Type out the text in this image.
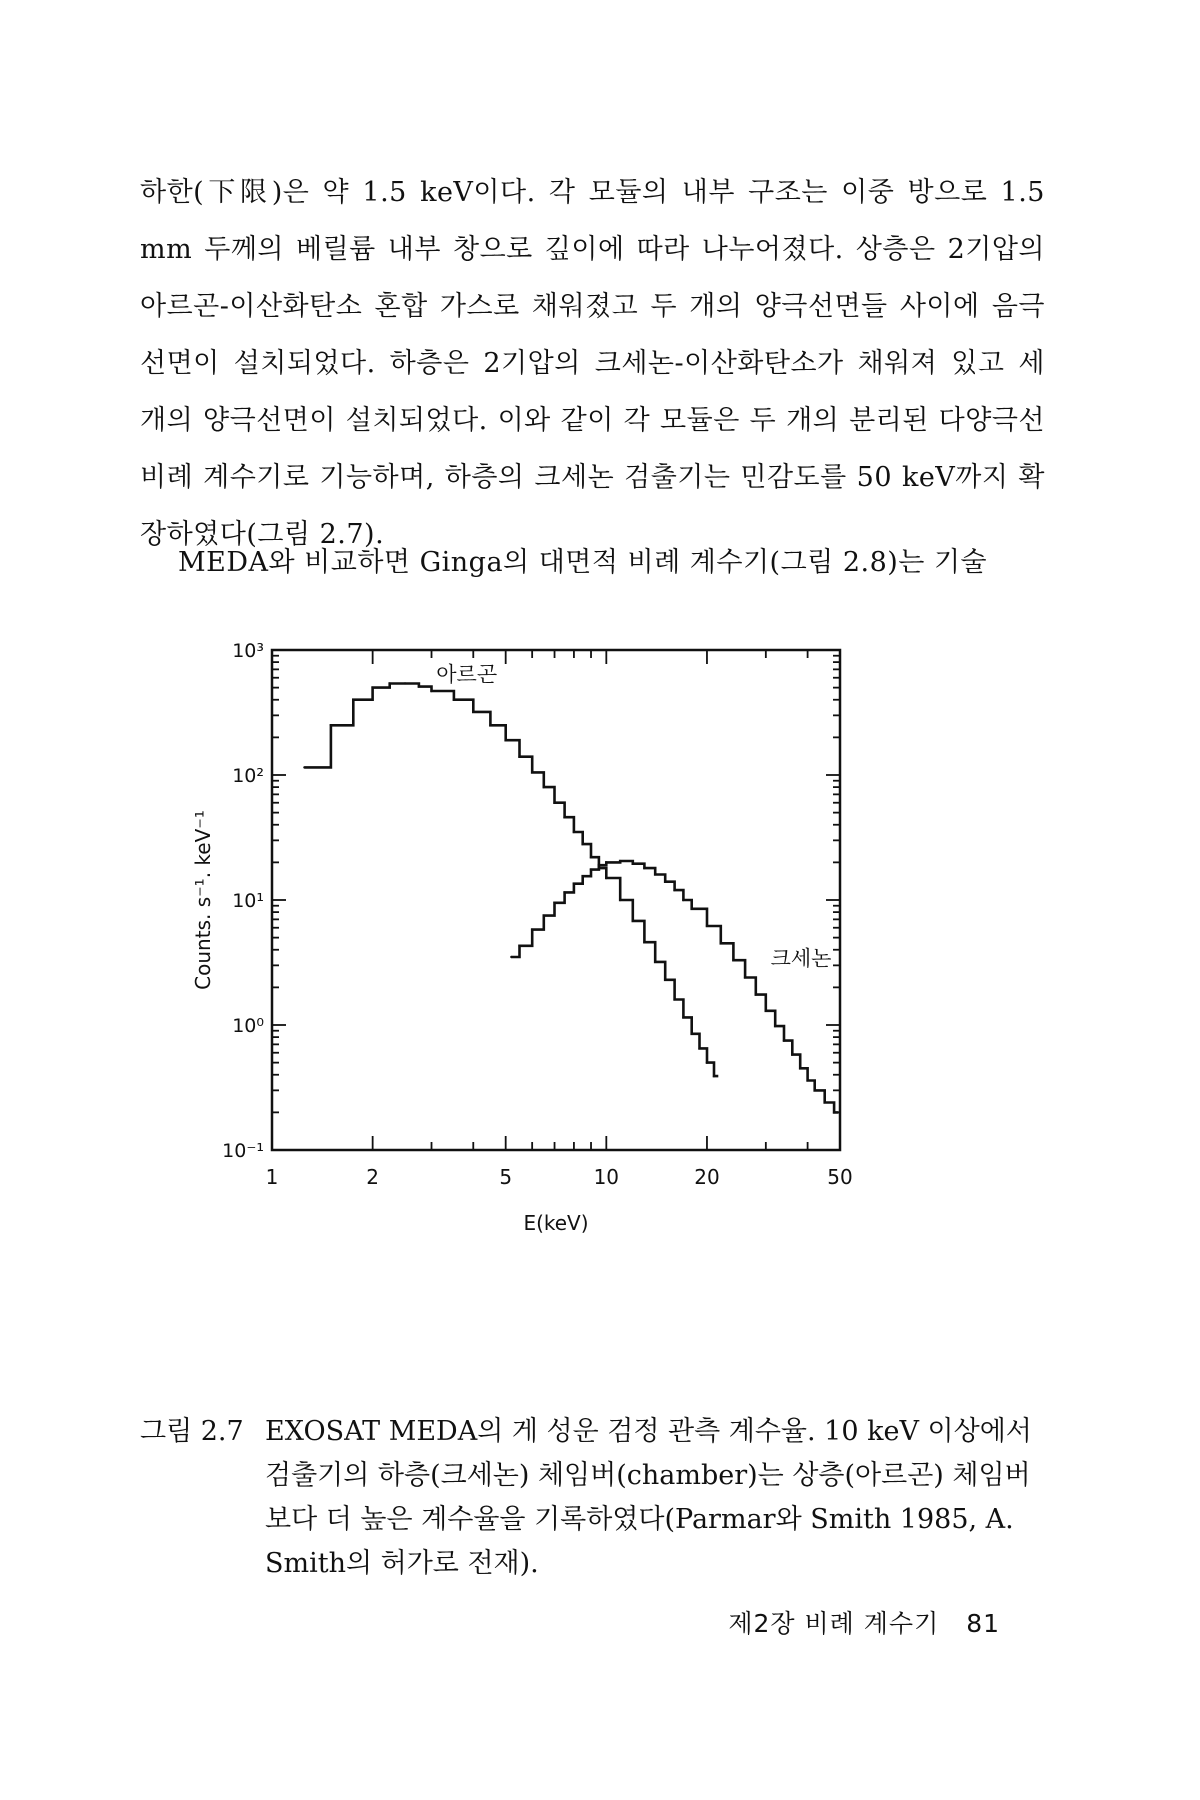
하한(下限)은 약 1.5 keV이다. 각 모듈의 내부 구조는 이중 방으로 1.5 mm 두께의 베릴륨 내부 창으로 깊이에 따라 나누어졌다. 상층은 2기압의 아르곤-이산화탄소 혼합 가스로 채워졌고 두 개의 양극선면들 사이에 음극선면이 설치되었다. 하층은 2기압의 크세논-이산화탄소가 채워져 있고 세 개의 양극선면이 설치되었다. 이와 같이 각 모듈은 두 개의 분리된 다양극선 비례 계수기로 기능하며, 하층의 크세논 검출기는 민감도를 50 keV까지 확장하였다(그림 2.7).

MEDA와 비교하면 Ginga의 대면적 비례 계수기(그림 2.8)는 기술

1	2	5	10	20	50
10⁻¹
10⁰
10¹
10²
10³
E(keV)
Counts. s⁻¹. keV⁻¹
아르곤
크세논
그림 2.7 EXOSAT MEDA의 게 성운 검정 관측 계수율. 10 keV 이상에서 검출기의 하층(크세논) 체임버(chamber)는 상층(아르곤) 체임버보다 더 높은 계수율을 기록하였다(Parmar와 Smith 1985, A. Smith의 허가로 전재).
제2장 비례 계수기 81
